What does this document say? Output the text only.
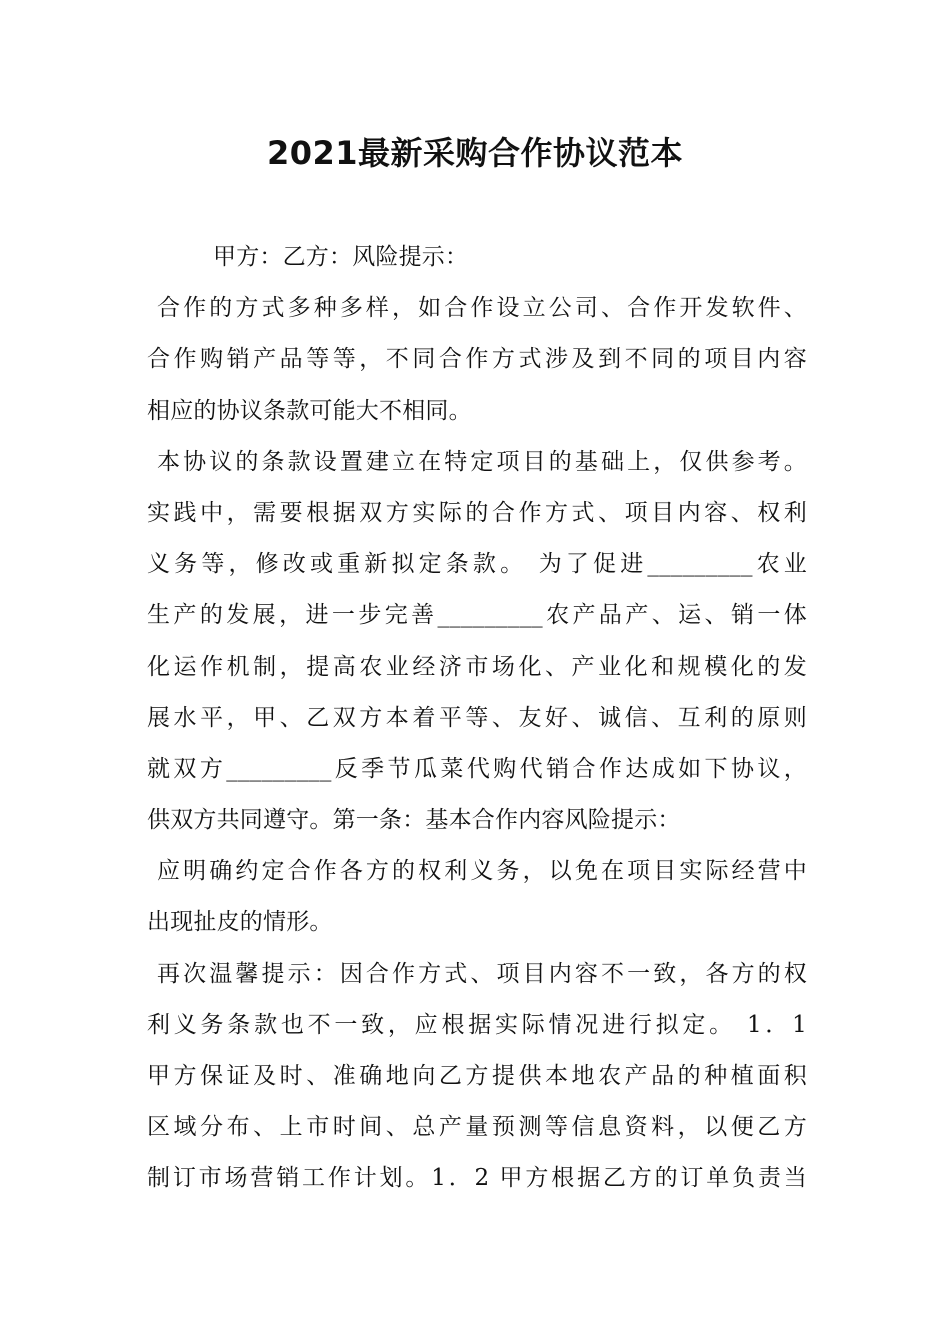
2021最新采购合作协议范本
甲方：乙方：风险提示：
合作的方式多种多样，如合作设立公司、合作开发软件、
合作购销产品等等，不同合作方式涉及到不同的项目内容
相应的协议条款可能大不相同。
本协议的条款设置建立在特定项目的基础上，仅供参考。
实践中，需要根据双方实际的合作方式、项目内容、权利
义务等，修改或重新拟定条款。 为了促进_________农业
生产的发展，进一步完善_________农产品产、运、销一体
化运作机制，提高农业经济市场化、产业化和规模化的发
展水平，甲、乙双方本着平等、友好、诚信、互利的原则
就双方_________反季节瓜菜代购代销合作达成如下协议，
供双方共同遵守。第一条：基本合作内容风险提示：
应明确约定合作各方的权利义务，以免在项目实际经营中
出现扯皮的情形。
再次温馨提示：因合作方式、项目内容不一致，各方的权
利义务条款也不一致，应根据实际情况进行拟定。 1．1
甲方保证及时、准确地向乙方提供本地农产品的种植面积
区域分布、上市时间、总产量预测等信息资料，以便乙方
制订市场营销工作计划。1．2 甲方根据乙方的订单负责当
